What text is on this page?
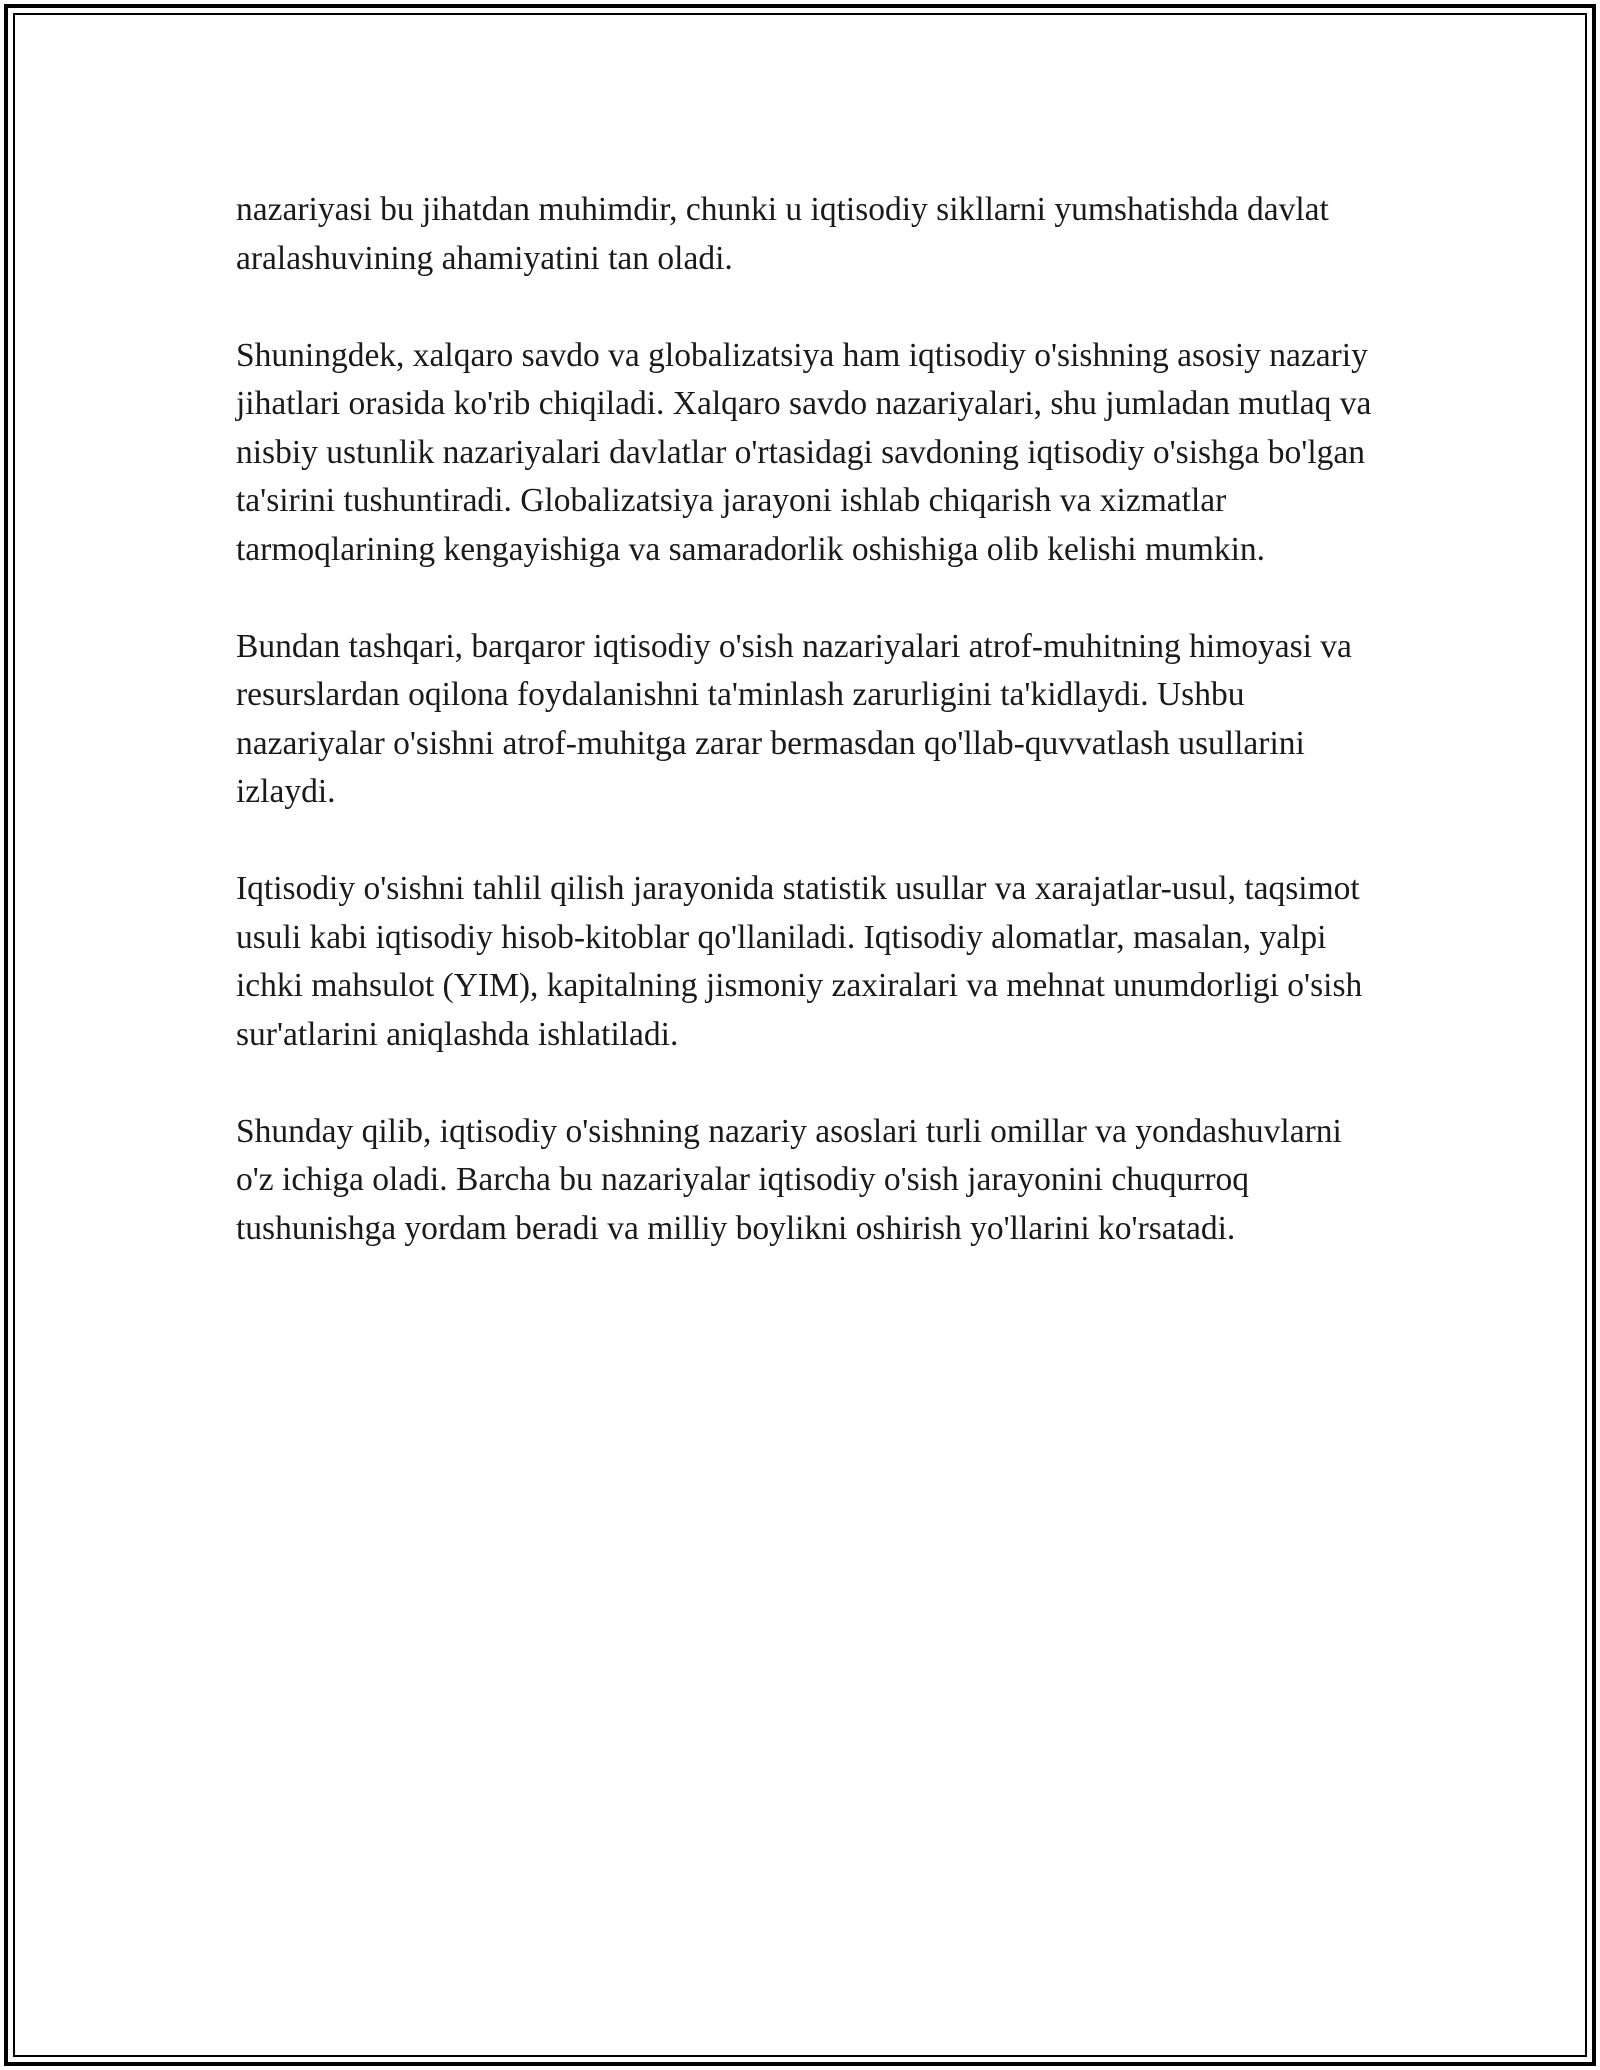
nazariyasi bu jihatdan muhimdir, chunki u iqtisodiy sikllarni yumshatishda davlat aralashuvining ahamiyatini tan oladi.

Shuningdek, xalqaro savdo va globalizatsiya ham iqtisodiy o'sishning asosiy nazariy jihatlari orasida ko'rib chiqiladi. Xalqaro savdo nazariyalari, shu jumladan mutlaq va nisbiy ustunlik nazariyalari davlatlar o'rtasidagi savdoning iqtisodiy o'sishga bo'lgan ta'sirini tushuntiradi. Globalizatsiya jarayoni ishlab chiqarish va xizmatlar tarmoqlarining kengayishiga va samaradorlik oshishiga olib kelishi mumkin.

Bundan tashqari, barqaror iqtisodiy o'sish nazariyalari atrof-muhitning himoyasi va resurslardan oqilona foydalanishni ta'minlash zarurligini ta'kidlaydi. Ushbu nazariyalar o'sishni atrof-muhitga zarar bermasdan qo'llab-quvvatlash usullarini izlaydi.

Iqtisodiy o'sishni tahlil qilish jarayonida statistik usullar va xarajatlar-usul, taqsimot usuli kabi iqtisodiy hisob-kitoblar qo'llaniladi. Iqtisodiy alomatlar, masalan, yalpi ichki mahsulot (YIM), kapitalning jismoniy zaxiralari va mehnat unumdorligi o'sish sur'atlarini aniqlashda ishlatiladi.

Shunday qilib, iqtisodiy o'sishning nazariy asoslari turli omillar va yondashuvlarni o'z ichiga oladi. Barcha bu nazariyalar iqtisodiy o'sish jarayonini chuqurroq tushunishga yordam beradi va milliy boylikni oshirish yo'llarini ko'rsatadi.
